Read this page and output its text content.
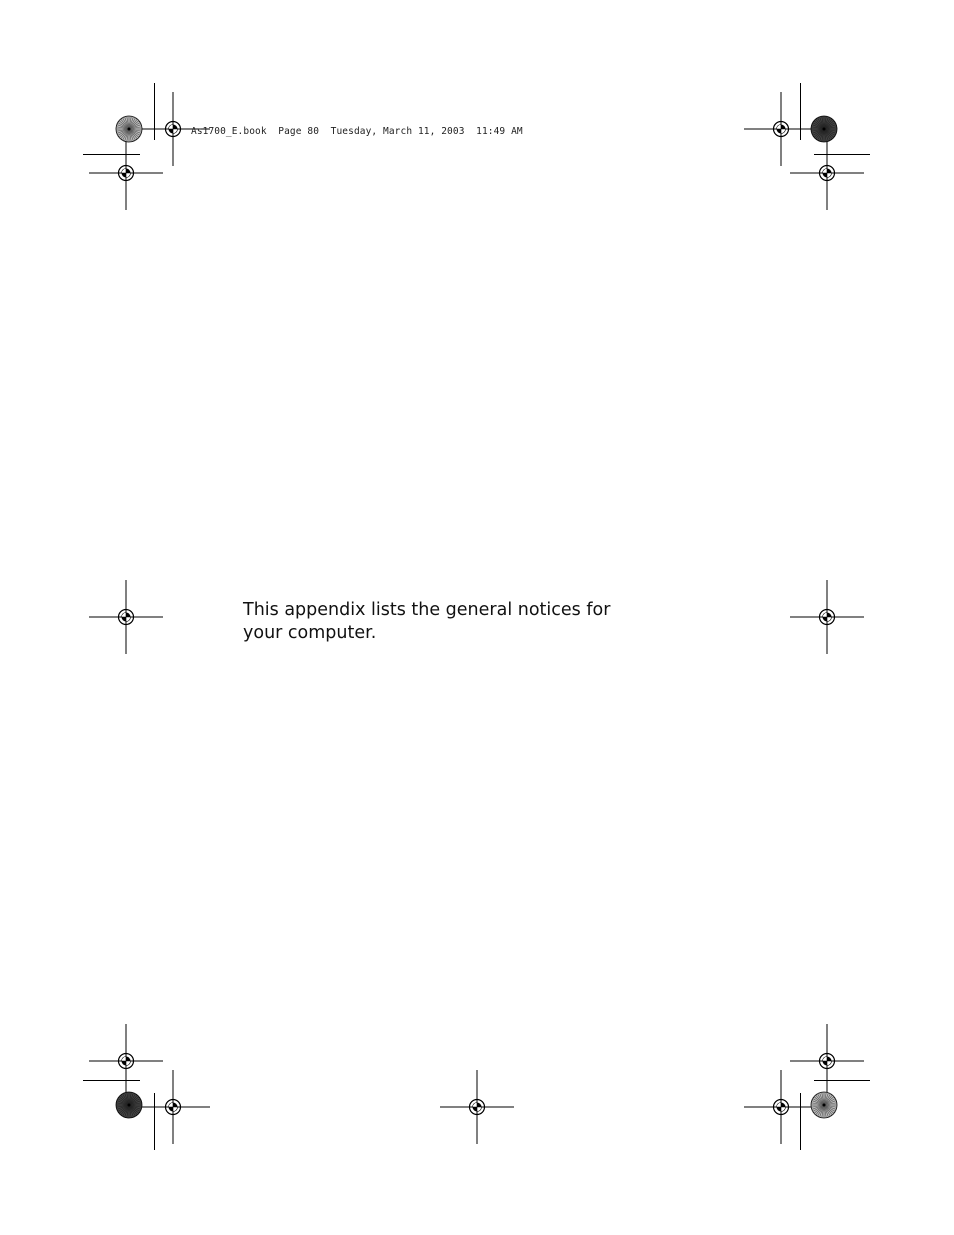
As1700_E.book  Page 80  Tuesday, March 11, 2003  11:49 AM

This appendix lists the general notices for

your computer.
